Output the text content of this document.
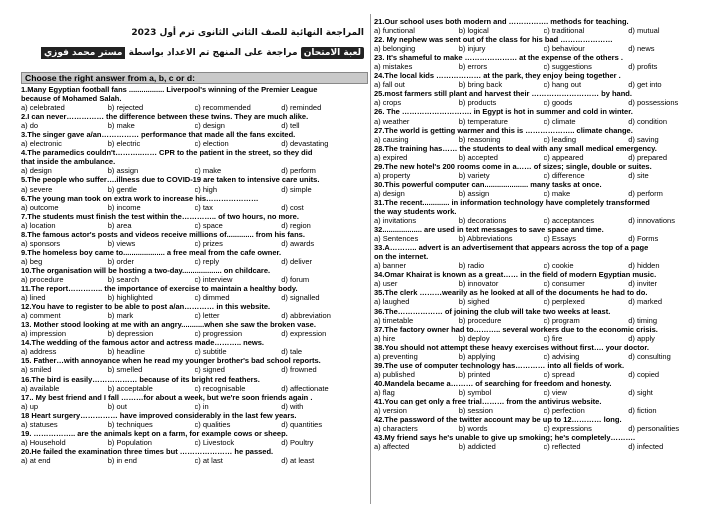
المراجعة النهائية للصف الثاني الثانوى ترم أول 2023
لعبة الامتحان مراجعة على المنهج تم الاعداد بواسطة مستر محمد فوزي
Choose the right answer from a, b, c or d:
1.Many Egyptian football fans ................. Liverpool's winning of the Premier League
because of Mohamed Salah.
a) celebrated	b) rejected	c) recommended	d) reminded
2.I can never…………… the difference between these twins. They are much alike.
a) do	b) make	c) design	d) tell
3.The singer gave a/an…………… performance that made all the fans excited.
a) electronic	b) electric	c) election	d) devastating
4.The paramedics couldn't………..…… CPR to the patient in the street, so they did
that inside the ambulance.
a) design	b) assign	c) make	d) perform
5.The people who suffer….illness due to COVID-19 are taken to intensive care units.
a) severe	b) gentle	c) high	d) simple
6.The young man took on extra work to increase his…………………
a) outcome	b) income	c) tax	d) cost
7.The students must finish the test within the………….. of two hours, no more.
a) location	b) area	c) space	d) region
8.The famous actor's posts and videos receive millions of............. from his fans.
a) sponsors	b) views	c) prizes	d) awards
9.The homeless boy came to.................... a free meal from the cafe owner.
a) beg	b) order	c) reply	d) deliver
10.The organisation will be hosting a two-day................... on childcare.
a) procedure	b) search	c) interview	d) forum
11.The report………….. the importance of exercise to maintain a healthy body.
a) lined	b) highlighted	c) dimmed	d) signalled
12.You have to register to be able to post a/an………… in this website.
a) comment	b) mark	c) letter	d) abbreviation
13. Mother stood looking at me with an angry...........when she saw the broken vase.
a) impression	b) depression	c) progression	d) expression
14.The wedding of the famous actor and actress made……….. news.
a) address	b) headline	c) subtitle	d) tale
15. Father…with annoyance when he read my younger brother's bad school reports.
a) smiled	b) smelled	c) signed	d) frowned
16.The bird is easily……………… because of its bright red feathers.
a) available	b) acceptable	c) recognisable	d) affectionate
17.. My best friend and I fall ………for about a week, but we're soon friends again .
a) up	b) out	c) in	d) with
18 Heart surgery…………… have improved considerably in the last few years.
a) statuses	b) techniques	c) qualities	d) quantities
19. …………….. are the animals kept on a farm, for example cows or sheep.
a) Household	b) Population	c) Livestock	d) Poultry
20.He failed the examination three times but ………………… he passed.
a) at end	b) in end	c) at last	d) at least
21.Our school uses both modern and ……………. methods for teaching.
a) functional	b) logical	c) traditional	d) mutual
22. My nephew was sent out of the class for his bad …………………
a) belonging	b) injury	c) behaviour	d) news
23. It's shameful to make ………………… at the expense of the others .
a) mistakes	b) errors	c) suggestions	d) profits
24.The local kids ……………… at the park, they enjoy being together .
a) fall out	b) bring back	c) hang out	d) get into
25.most farmers still plant and harvest their ……………………… by hand.
a) crops	b) products	c) goods	d) possessions
26. The ………………………. in Egypt is hot in summer and cold in winter.
a) weather	b) temperature	c) climate	d) condition
27.The world is getting warmer and this is ……………….. climate change.
a) causing	b) reasoning	c) leading	d) saving
28.The training has…… the students to deal with any small medical emergency.
a) expired	b) accepted	c) appeared	d) prepared
29.The new hotel's 200 rooms come in a…… of sizes; single, double or suites.
a) property	b) variety	c) difference	d) site
30.This powerful computer can..................... many tasks at once.
a) design	b) assign	c) make	d) perform
31.The recent............. in information technology have completely transformed
the way students work.
a) invitations	b) decorations	c) acceptances	d) innovations
32................... are used in text messages to save space and time.
a) Sentences	b) Abbreviations	c) Essays	d) Forms
33.A……….. advert is an advertisement that appears across the top of a page
on the internet.
a) banner	b) radio	c) cookie	d) hidden
34.Omar Khairat is known as a great…… in the field of modern Egyptian music.
a) user	b) innovator	c) consumer	d) inviter
35.The clerk ………wearily as he looked at all of the documents he had to do.
a) laughed	b) sighed	c) perplexed	d) marked
36.The……………… of joining the club will take two weeks at least.
a) timetable	b) procedure	c) program	d) timing
37.The factory owner had to……….. several workers due to the economic crisis.
a) hire	b) deploy	c) fire	d) apply
38.You should not attempt these heavy exercises without first…. your doctor.
a) preventing	b) applying	c) advising	d) consulting
39.The use of computer technology has………… into all fields of work.
a) published	b) printed	c) spread	d) copied
40.Mandela became a……… of searching for freedom and honesty.
a) flag	b) symbol	c) view	d) sight
41.You can get only a free trial……… from the antivirus website.
a) version	b) session	c) perfection	d) fiction
42.The password of the twitter account may be up to 12………… long.
a) characters	b) words	c) expressions	d) personalities
43.My friend says he's unable to give up smoking; he's completely……….
a) affected	b) addicted	c) reflected	d) infected
